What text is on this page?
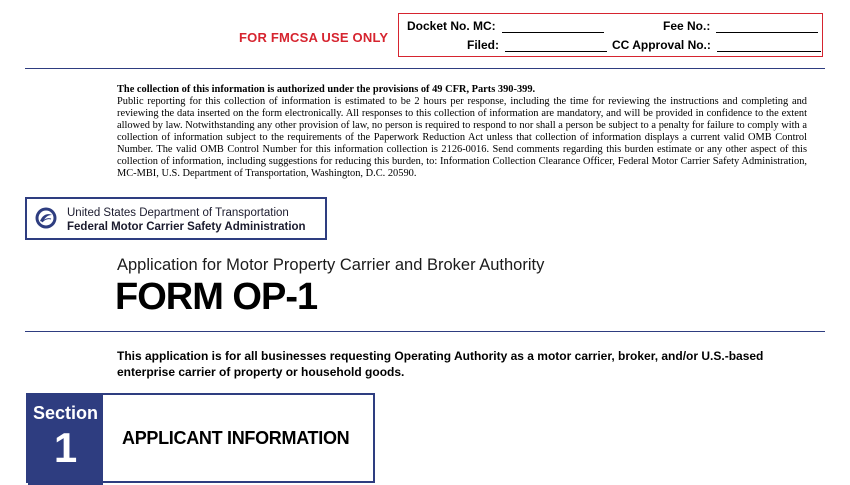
FOR FMCSA USE ONLY
Docket No. MC:
Filed:
Fee No.:
CC Approval No.:
The collection of this information is authorized under the provisions of 49 CFR, Parts 390-399.
Public reporting for this collection of information is estimated to be 2 hours per response, including the time for reviewing the instructions and completing and reviewing the data inserted on the form electronically. All responses to this collection of information are mandatory, and will be provided in confidence to the extent allowed by law. Notwithstanding any other provision of law, no person is required to respond to nor shall a person be subject to a penalty for failure to comply with a collection of information subject to the requirements of the Paperwork Reduction Act unless that collection of information displays a current valid OMB Control Number. The valid OMB Control Number for this information collection is 2126-0016. Send comments regarding this burden estimate or any other aspect of this collection of information, including suggestions for reducing this burden, to: Information Collection Clearance Officer, Federal Motor Carrier Safety Administration, MC-MBI, U.S. Department of Transportation, Washington, D.C. 20590.
United States Department of Transportation
Federal Motor Carrier Safety Administration
Application for Motor Property Carrier and Broker Authority
FORM OP-1
This application is for all businesses requesting Operating Authority as a motor carrier, broker, and/or U.S.-based enterprise carrier of property or household goods.
Section
1	APPLICANT INFORMATION
